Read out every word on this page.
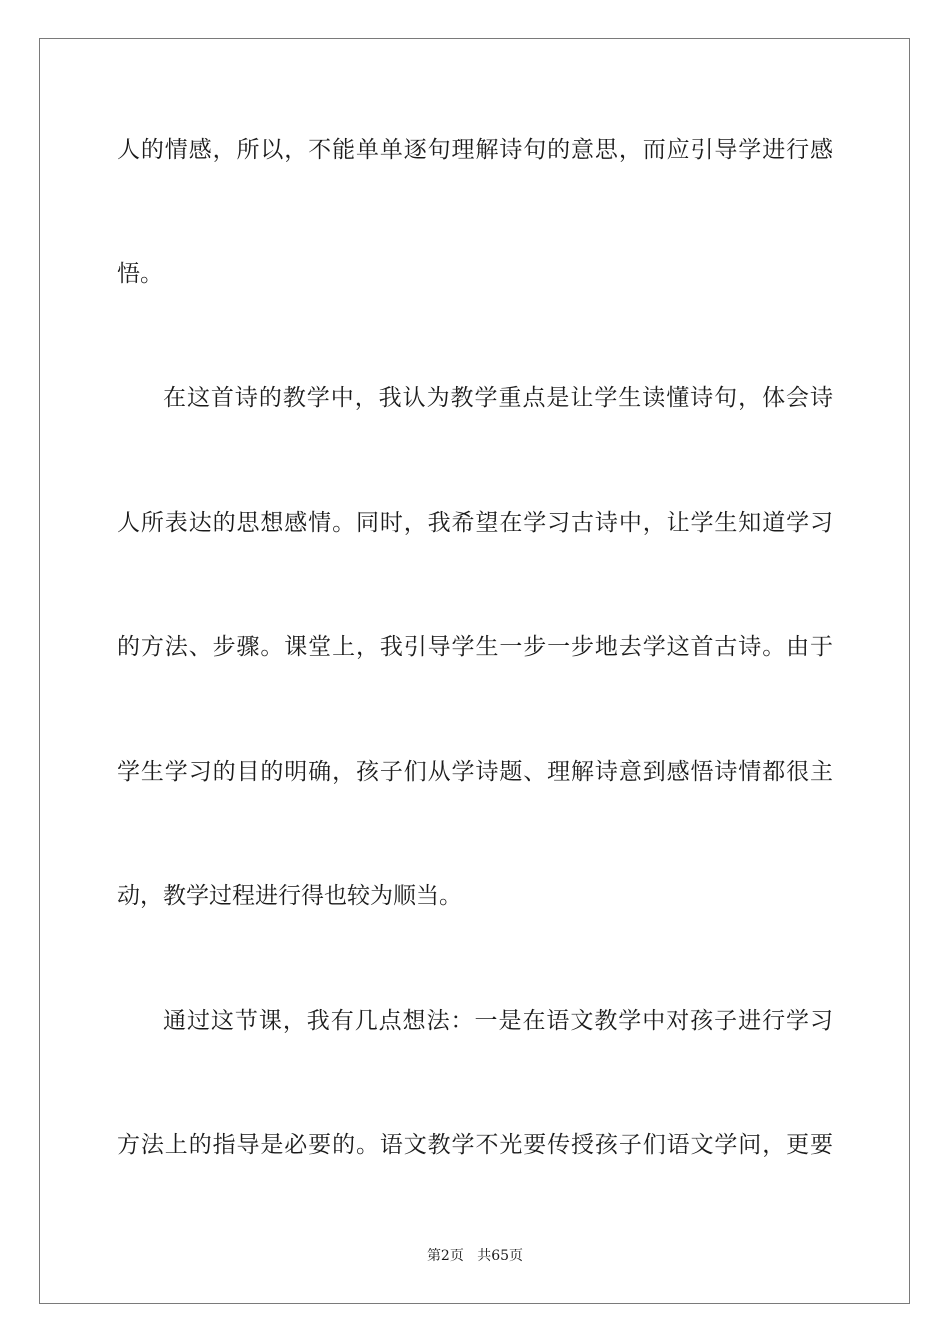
人的情感，所以，不能单单逐句理解诗句的意思，而应引导学进行感
悟。
在这首诗的教学中，我认为教学重点是让学生读懂诗句，体会诗
人所表达的思想感情。同时，我希望在学习古诗中，让学生知道学习
的方法、步骤。课堂上，我引导学生一步一步地去学这首古诗。由于
学生学习的目的明确，孩子们从学诗题、理解诗意到感悟诗情都很主
动，教学过程进行得也较为顺当。
通过这节课，我有几点想法：一是在语文教学中对孩子进行学习
方法上的指导是必要的。语文教学不光要传授孩子们语文学问，更要
第2页 共65页
